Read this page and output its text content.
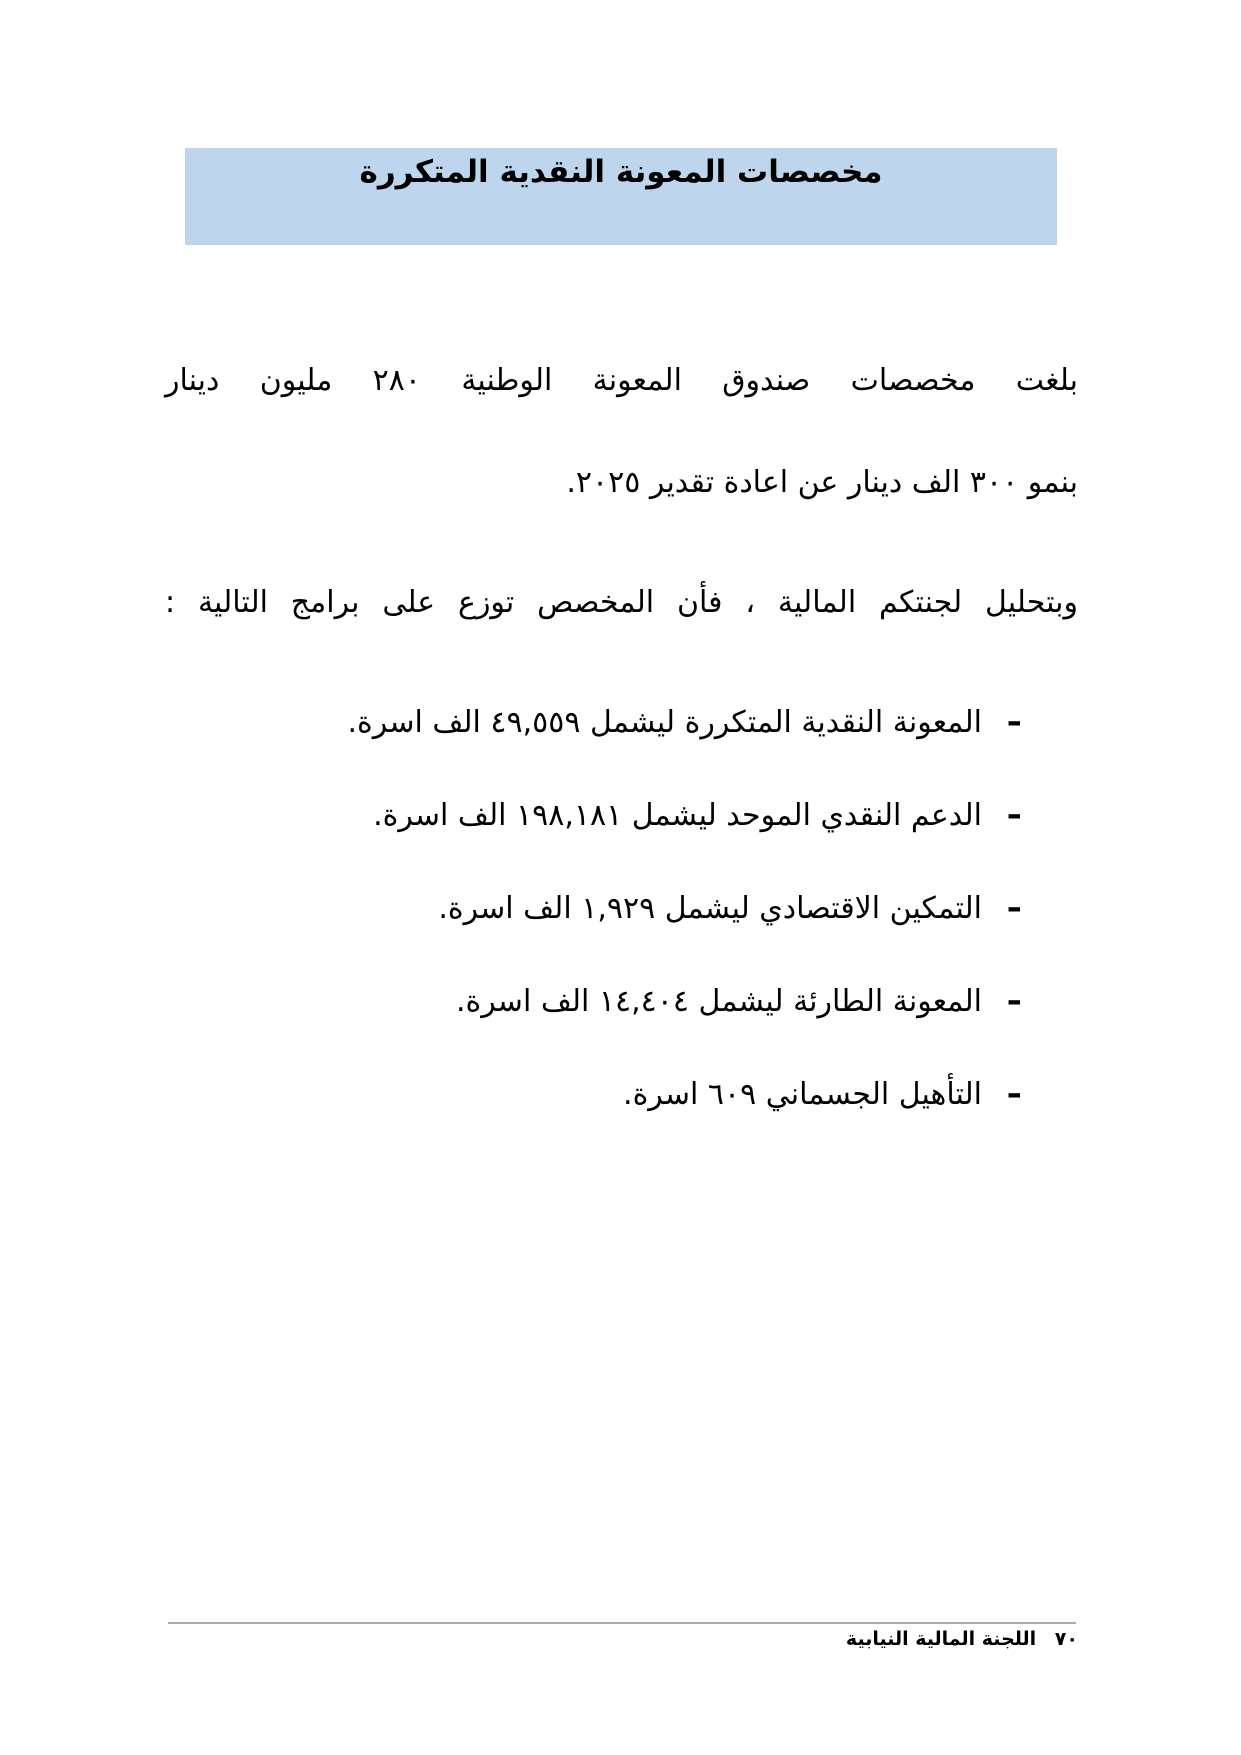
مخصصات المعونة النقدية المتكررة
بلغت مخصصات صندوق المعونة الوطنية ٢٨٠ مليون دينار
بنمو ٣٠٠ الف دينار عن اعادة تقدير ٢٠٢٥.
وبتحليل لجنتكم المالية ، فأن المخصص توزع على برامج التالية :
- المعونة النقدية المتكررة ليشمل ٤٩,٥٥٩ الف اسرة.
- الدعم النقدي الموحد ليشمل ١٩٨,١٨١ الف اسرة.
- التمكين الاقتصادي ليشمل ١,٩٢٩ الف اسرة.
- المعونة الطارئة ليشمل ١٤,٤٠٤ الف اسرة.
- التأهيل الجسماني ٦٠٩ اسرة.
٧٠ اللجنة المالية النيابية
